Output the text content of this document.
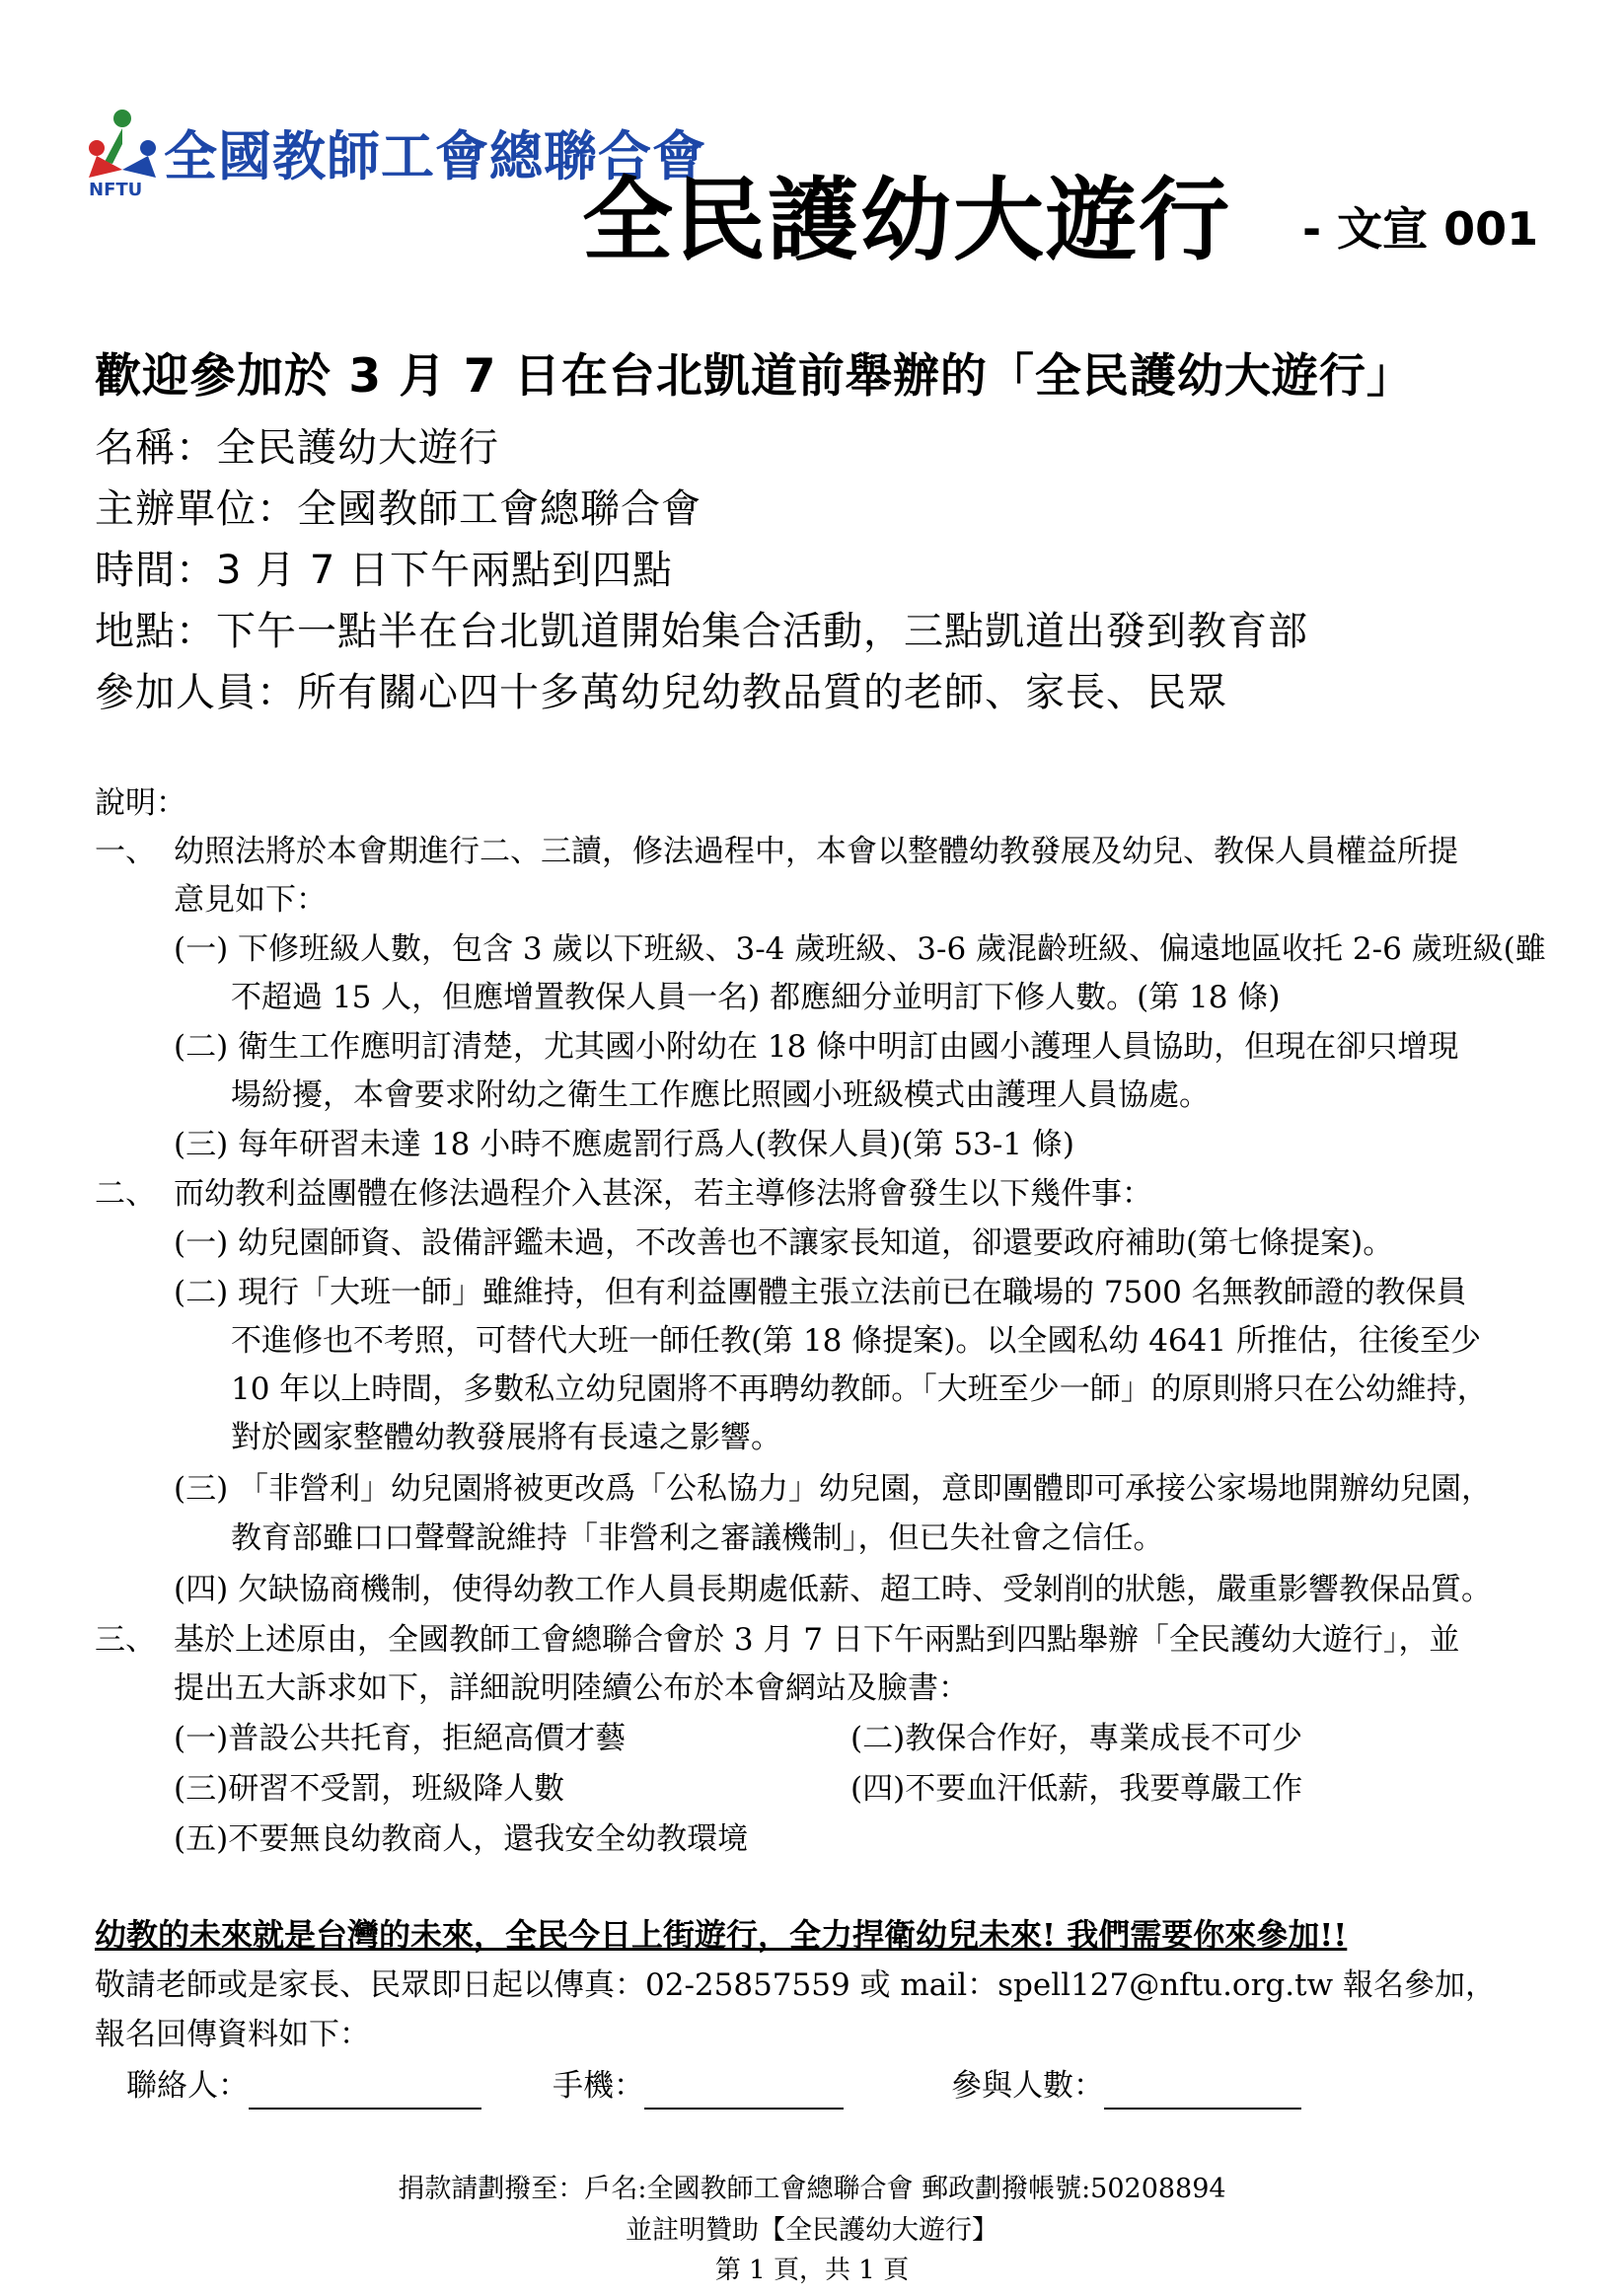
全國教師工會總聯合會
NFTU	全民護幼大遊行 - 文宣 001
歡迎參加於 3 月 7 日在台北凱道前舉辦的「全民護幼大遊行」
名稱：全民護幼大遊行
主辦單位：全國教師工會總聯合會
時間：3 月 7 日下午兩點到四點
地點：下午一點半在台北凱道開始集合活動，三點凱道出發到教育部
參加人員：所有關心四十多萬幼兒幼教品質的老師、家長、民眾
說明：
一、 幼照法將於本會期進行二、三讀，修法過程中，本會以整體幼教發展及幼兒、教保人員權益所提
意見如下：
(一) 下修班級人數，包含 3 歲以下班級、3-4 歲班級、3-6 歲混齡班級、偏遠地區收托 2-6 歲班級(雖
不超過 15 人，但應增置教保人員一名) 都應細分並明訂下修人數。(第 18 條)
(二) 衛生工作應明訂清楚，尤其國小附幼在 18 條中明訂由國小護理人員協助，但現在卻只增現
場紛擾，本會要求附幼之衛生工作應比照國小班級模式由護理人員協處。
(三) 每年研習未達 18 小時不應處罰行爲人(教保人員)(第 53-1 條)
二、 而幼教利益團體在修法過程介入甚深，若主導修法將會發生以下幾件事：
(一) 幼兒園師資、設備評鑑未過，不改善也不讓家長知道，卻還要政府補助(第七條提案)。
(二) 現行「大班一師」雖維持，但有利益團體主張立法前已在職場的 7500 名無教師證的教保員
不進修也不考照，可替代大班一師任教(第 18 條提案)。以全國私幼 4641 所推估，往後至少
10 年以上時間，多數私立幼兒園將不再聘幼教師。「大班至少一師」的原則將只在公幼維持，
對於國家整體幼教發展將有長遠之影響。
(三) 「非營利」幼兒園將被更改爲「公私協力」幼兒園，意即團體即可承接公家場地開辦幼兒園，
教育部雖口口聲聲說維持「非營利之審議機制」，但已失社會之信任。
(四) 欠缺協商機制，使得幼教工作人員長期處低薪、超工時、受剝削的狀態，嚴重影響教保品質。
三、 基於上述原由，全國教師工會總聯合會於 3 月 7 日下午兩點到四點舉辦「全民護幼大遊行」，並
提出五大訴求如下，詳細說明陸續公布於本會網站及臉書：
(一)普設公共托育，拒絕高價才藝	(二)教保合作好，專業成長不可少
(三)研習不受罰，班級降人數	(四)不要血汗低薪，我要尊嚴工作
(五)不要無良幼教商人，還我安全幼教環境
幼教的未來就是台灣的未來，全民今日上街遊行，全力捍衛幼兒未來! 我們需要你來參加!!
敬請老師或是家長、民眾即日起以傳真：02-25857559 或 mail：spell127@nftu.org.tw 報名參加，
報名回傳資料如下：
聯絡人：	手機：	參與人數：
捐款請劃撥至：戶名:全國教師工會總聯合會 郵政劃撥帳號:50208894
並註明贊助【全民護幼大遊行】
第 1 頁，共 1 頁
